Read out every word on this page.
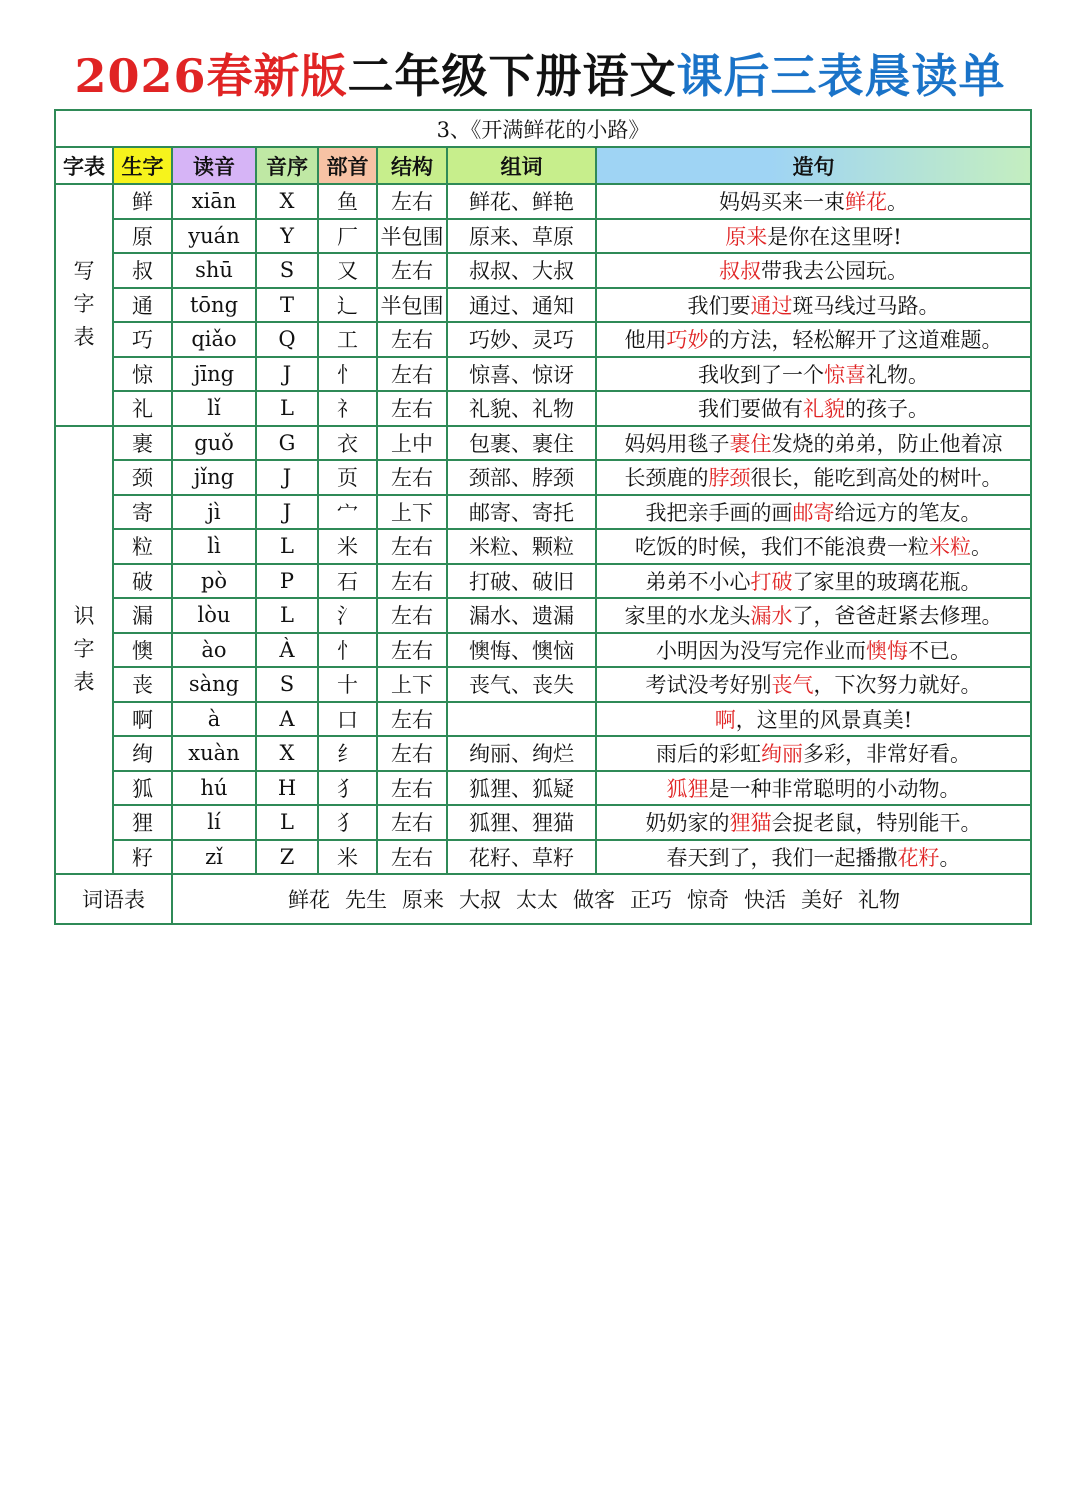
2026春新版二年级下册语文课后三表晨读单
3、《开满鲜花的小路》							
字表	生字	读音	音序	部首	结构	组词	造句

写
字
表	鲜	xiān	X	鱼	左右	鲜花、鲜艳	妈妈买来一束鲜花。
	原	yuán	Y	厂	半包围	原来、草原	原来是你在这里呀!
	叔	shū	S	又	左右	叔叔、大叔	叔叔带我去公园玩。
	通	tōng	T	辶	半包围	通过、通知	我们要通过斑马线过马路。
	巧	qiǎo	Q	工	左右	巧妙、灵巧	他用巧妙的方法，轻松解开了这道难题。
	惊	jīng	J	忄	左右	惊喜、惊讶	我收到了一个惊喜礼物。
	礼	lǐ	L	礻	左右	礼貌、礼物	我们要做有礼貌的孩子。

识
字
表	裹	guǒ	G	衣	上中	包裹、裹住	妈妈用毯子裹住发烧的弟弟，防止他着凉
	颈	jǐng	J	页	左右	颈部、脖颈	长颈鹿的脖颈很长，能吃到高处的树叶。
	寄	jì	J	宀	上下	邮寄、寄托	我把亲手画的画邮寄给远方的笔友。
	粒	lì	L	米	左右	米粒、颗粒	吃饭的时候，我们不能浪费一粒米粒。
	破	pò	P	石	左右	打破、破旧	弟弟不小心打破了家里的玻璃花瓶。
	漏	lòu	L	氵	左右	漏水、遗漏	家里的水龙头漏水了，爸爸赶紧去修理。
	懊	ào	À	忄	左右	懊悔、懊恼	小明因为没写完作业而懊悔不已。
	丧	sàng	S	十	上下	丧气、丧失	考试没考好别丧气，下次努力就好。
	啊	à	A	口	左右		啊，这里的风景真美!
	绚	xuàn	X	纟	左右	绚丽、绚烂	雨后的彩虹绚丽多彩，非常好看。
	狐	hú	H	犭	左右	狐狸、狐疑	狐狸是一种非常聪明的小动物。
	狸	lí	L	犭	左右	狐狸、狸猫	奶奶家的狸猫会捉老鼠，特别能干。
	籽	zǐ	Z	米	左右	花籽、草籽	春天到了，我们一起播撒花籽。
词语表		鲜花 先生 原来 大叔 太太 做客 正巧 惊奇 快活 美好 礼物					
